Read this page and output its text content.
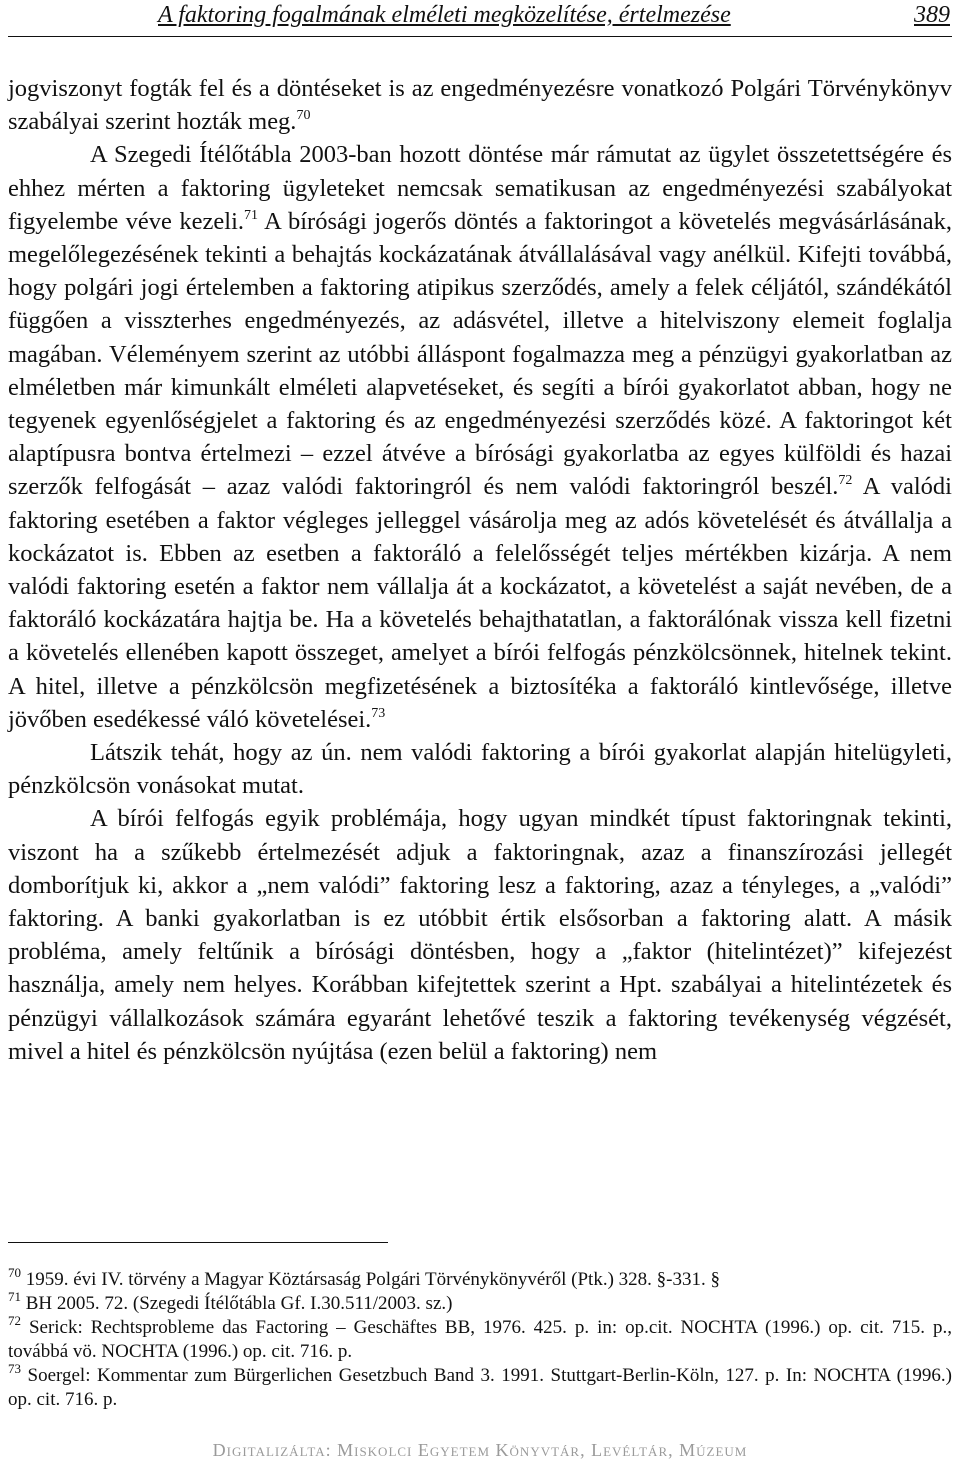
A faktoring fogalmának elméleti megközelítése, értelmezése	389

jogviszonyt fogták fel és a döntéseket is az engedményezésre vonatkozó Polgári Törvénykönyv szabályai szerint hozták meg.$^{70}$

A Szegedi Ítélőtábla 2003-ban hozott döntése már rámutat az ügylet összetettségére és ehhez mérten a faktoring ügyleteket nemcsak sematikusan az engedményezési szabályokat figyelembe véve kezeli.$^{71}$ A bírósági jogerős döntés a faktoringot a követelés megvásárlásának, megelőlegezésének tekinti a behajtás kockázatának átvállalásával vagy anélkül. Kifejti továbbá, hogy polgári jogi értelemben a faktoring atipikus szerződés, amely a felek céljától, szándékától függően a visszterhes engedményezés, az adásvétel, illetve a hitelviszony elemeit foglalja magában. Véleményem szerint az utóbbi álláspont fogalmazza meg a pénzügyi gyakorlatban az elméletben már kimunkált elméleti alapvetéseket, és segíti a bírói gyakorlatot abban, hogy ne tegyenek egyenlőségjelet a faktoring és az engedményezési szerződés közé. A faktoringot két alaptípusra bontva értelmezi – ezzel átvéve a bírósági gyakorlatba az egyes külföldi és hazai szerzők felfogását – azaz valódi faktoringról és nem valódi faktoringról beszél.$^{72}$ A valódi faktoring esetében a faktor végleges jelleggel vásárolja meg az adós követelését és átvállalja a kockázatot is. Ebben az esetben a faktoráló a felelősségét teljes mértékben kizárja. A nem valódi faktoring esetén a faktor nem vállalja át a kockázatot, a követelést a saját nevében, de a faktoráló kockázatára hajtja be. Ha a követelés behajthatatlan, a faktorálónak vissza kell fizetni a követelés ellenében kapott összeget, amelyet a bírói felfogás pénzkölcsönnek, hitelnek tekint. A hitel, illetve a pénzkölcsön megfizetésének a biztosítéka a faktoráló kintlevősége, illetve jövőben esedékessé váló követelései.$^{73}$

Látszik tehát, hogy az ún. nem valódi faktoring a bírói gyakorlat alapján hitelügyleti, pénzkölcsön vonásokat mutat.

A bírói felfogás egyik problémája, hogy ugyan mindkét típust faktoringnak tekinti, viszont ha a szűkebb értelmezését adjuk a faktoringnak, azaz a finanszírozási jellegét domborítjuk ki, akkor a „nem valódi” faktoring lesz a faktoring, azaz a tényleges, a „valódi” faktoring. A banki gyakorlatban is ez utóbbit értik elsősorban a faktoring alatt. A másik probléma, amely feltűnik a bírósági döntésben, hogy a „faktor (hitelintézet)” kifejezést használja, amely nem helyes. Korábban kifejtettek szerint a Hpt. szabályai a hitelintézetek és pénzügyi vállalkozások számára egyaránt lehetővé teszik a faktoring tevékenység végzését, mivel a hitel és pénzkölcsön nyújtása (ezen belül a faktoring) nem

$^{70}$ 1959. évi IV. törvény a Magyar Köztársaság Polgári Törvénykönyvéről (Ptk.) 328. §-331. §

$^{71}$ BH 2005. 72. (Szegedi Ítélőtábla Gf. I.30.511/2003. sz.)

$^{72}$ Serick: Rechtsprobleme das Factoring – Geschäftes BB, 1976. 425. p. in: op.cit. NOCHTA (1996.) op. cit. 715. p., továbbá vö. NOCHTA (1996.) op. cit. 716. p.

$^{73}$ Soergel: Kommentar zum Bürgerlichen Gesetzbuch Band 3. 1991. Stuttgart-Berlin-Köln, 127. p. In: NOCHTA (1996.) op. cit. 716. p.

Digitalizálta: Miskolci Egyetem Könyvtár, Levéltár, Múzeum
